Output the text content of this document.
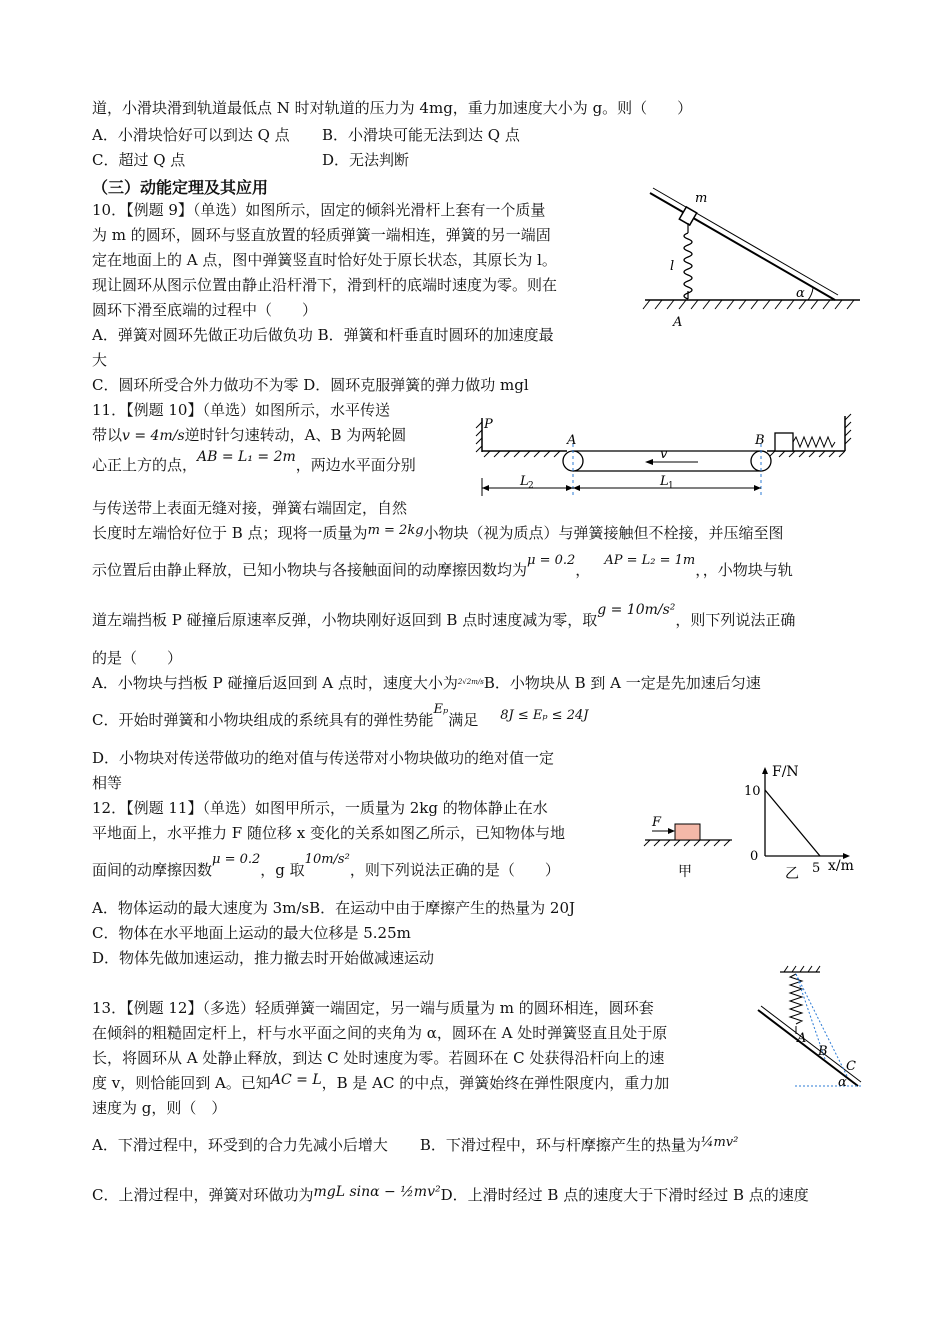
道，小滑块滑到轨道最低点 N 时对轨道的压力为 4mg，重力加速度大小为 g。则（　　）
A．小滑块恰好可以到达 Q 点 B．小滑块可能无法到达 Q 点
C．超过 Q 点	D．无法判断
（三）动能定理及其应用
10．【例题 9】（单选）如图所示，固定的倾斜光滑杆上套有一个质量
为 m 的圆环，圆环与竖直放置的轻质弹簧一端相连，弹簧的另一端固
定在地面上的 A 点，图中弹簧竖直时恰好处于原长状态，其原长为 l。
现让圆环从图示位置由静止沿杆滑下，滑到杆的底端时速度为零。则在
圆环下滑至底端的过程中（　　）
A．弹簧对圆环先做正功后做负功 B．弹簧和杆垂直时圆环的加速度最
大
C．圆环所受合外力做功不为零 D．圆环克服弹簧的弹力做功 mgl
m
l
α
A
11．【例题 10】（单选）如图所示，水平传送
带以v = 4m/s逆时针匀速转动，A、B 为两轮圆
心正上方的点，AB = L₁ = 2m，两边水平面分别
与传送带上表面无缝对接，弹簧右端固定，自然
长度时左端恰好位于 B 点；现将一质量为m = 2kg小物块（视为质点）与弹簧接触但不栓接，并压缩至图
示位置后由静止释放，已知小物块与各接触面间的动摩擦因数均为μ = 0.2，AP = L₂ = 1m，，小物块与轨
道左端挡板 P 碰撞后原速率反弹，小物块刚好返回到 B 点时速度减为零，取g = 10m/s²，则下列说法正确
的是（　　）
A．小物块与挡板 P 碰撞后返回到 A 点时，速度大小为$^{2√2m/s}$B．小物块从 B 到 A 一定是先加速后匀速
C．开始时弹簧和小物块组成的系统具有的弹性势能Eₚ满足 8J ≤ Eₚ ≤ 24J
D．小物块对传送带做功的绝对值与传送带对小物块做功的绝对值一定
相等
P
A	B
v
L 2	L 1
12．【例题 11】（单选）如图甲所示，一质量为 2kg 的物体静止在水
平地面上，水平推力 F 随位移 x 变化的关系如图乙所示，已知物体与地
面间的动摩擦因数μ = 0.2，g 取10m/s²，则下列说法正确的是（　　）
A．物体运动的最大速度为 3m/sB．在运动中由于摩擦产生的热量为 20J
C．物体在水平地面上运动的最大位移是 5.25m
D．物体先做加速运动，推力撤去时开始做减速运动
F
F/N
10
0
5 x/m
甲	乙
13．【例题 12】（多选）轻质弹簧一端固定，另一端与质量为 m 的圆环相连，圆环套
在倾斜的粗糙固定杆上，杆与水平面之间的夹角为 α，圆环在 A 处时弹簧竖直且处于原
长，将圆环从 A 处静止释放，到达 C 处时速度为零。若圆环在 C 处获得沿杆向上的速
度 v，则恰能回到 A。已知AC = L，B 是 AC 的中点，弹簧始终在弹性限度内，重力加
速度为 g，则（　）
A．下滑过程中，环受到的合力先减小后增大 B．下滑过程中，环与杆摩擦产生的热量为¼mv²
C．上滑过程中，弹簧对环做功为mgL sinα − ½mv²D．上滑时经过 B 点的速度大于下滑时经过 B 点的速度
A
B
C
α
